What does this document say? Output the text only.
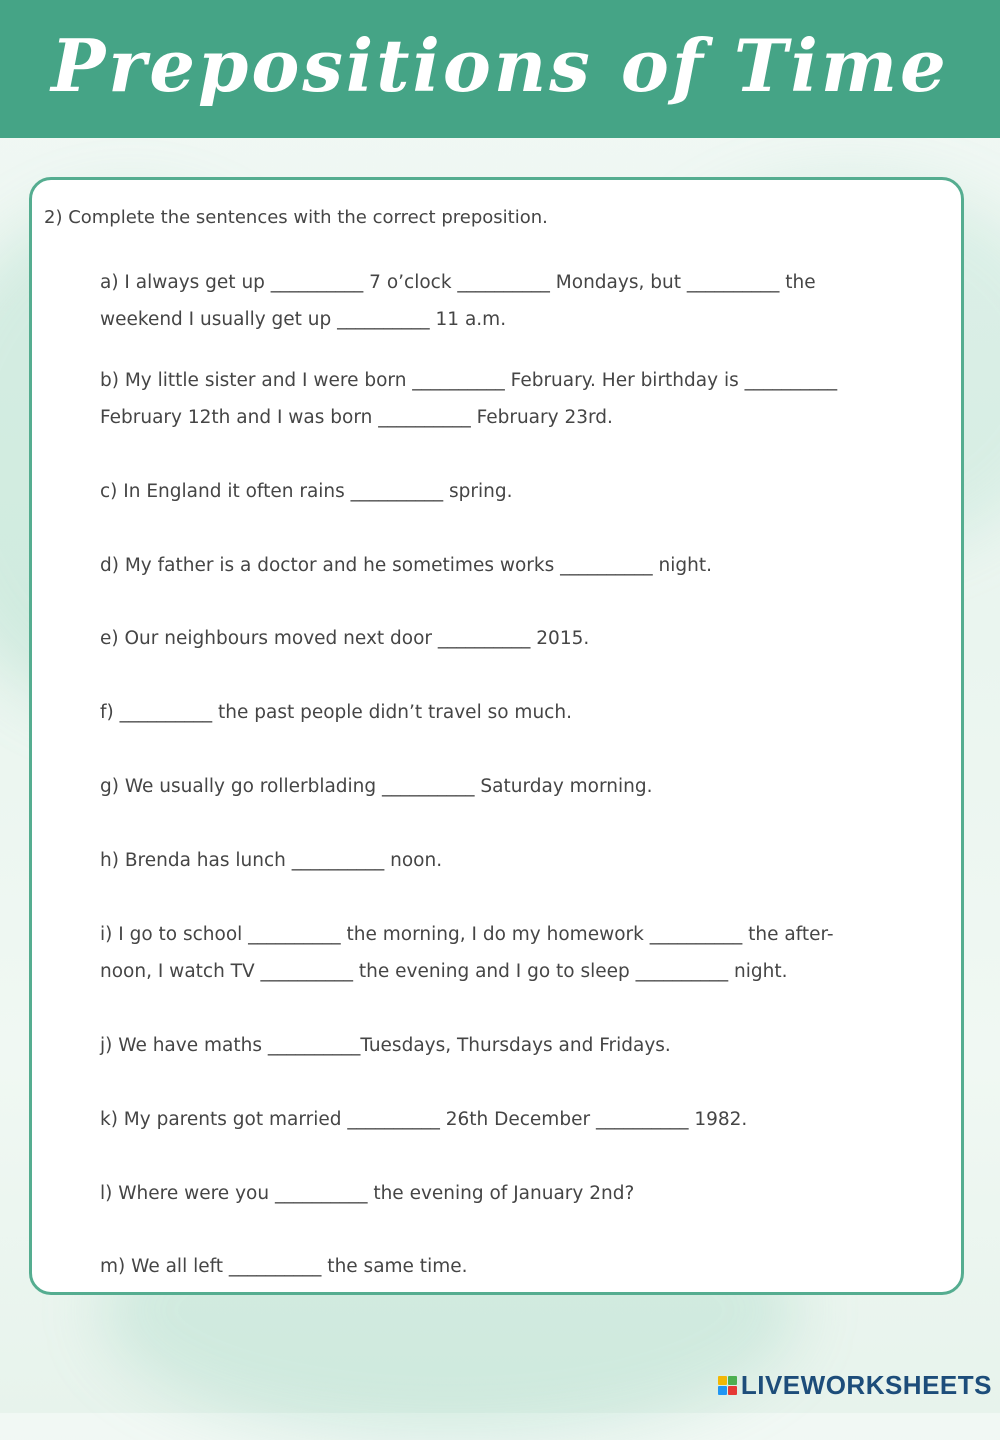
Prepositions of Time

2) Complete the sentences with the correct preposition.

a) I always get up __________ 7 o’clock __________ Mondays, but __________ the
weekend I usually get up __________ 11 a.m.
b) My little sister and I were born __________ February. Her birthday is __________
February 12th and I was born __________ February 23rd.
c) In England it often rains __________ spring.
d) My father is a doctor and he sometimes works __________ night.
e) Our neighbours moved next door __________ 2015.
f) __________ the past people didn’t travel so much.
g) We usually go rollerblading __________ Saturday morning.
h) Brenda has lunch __________ noon.
i) I go to school __________ the morning, I do my homework __________ the after-
noon, I watch TV __________ the evening and I go to sleep __________ night.
j) We have maths __________Tuesdays, Thursdays and Fridays.
k) My parents got married __________ 26th December __________ 1982.
l) Where were you __________ the evening of January 2nd?
m) We all left __________ the same time.
LIVEWORKSHEETS
